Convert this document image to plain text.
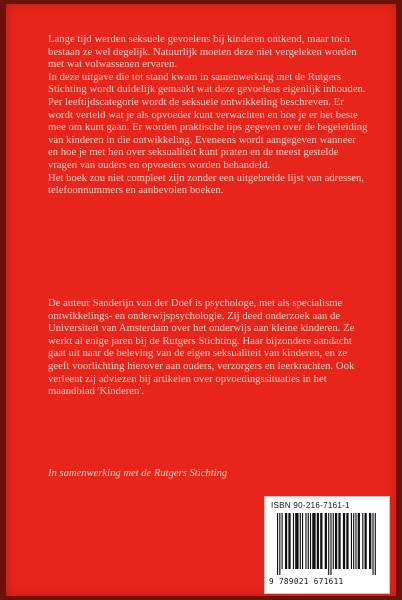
Lange tijd werden seksuele gevoelens bij kinderen ontkend, maar toch bestaan ze wel degelijk. Natuurlijk moeten deze niet vergeleken worden met wat volwassenen ervaren.

In deze uitgave die tot stand kwam in samenwerking met de Rutgers Stichting wordt duidelijk gemaakt wat deze gevoelens eigenlijk inhouden. Per leeftijdscategorie wordt de seksuele ontwikkeling beschreven. Er wordt verteld wat je als opvoeder kunt verwachten en hoe je er het beste mee om kunt gaan. Er worden praktische tips gegeven over de begeleiding van kinderen in die ontwikkeling. Eveneens wordt aangegeven wanneer en hoe je met hen over seksualiteit kunt praten en de meest gestelde vragen van ouders en opvoeders worden behandeld.

Het boek zou niet compleet zijn zonder een uitgebreide lijst van adressen, telefoonnummers en aanbevolen boeken.

De auteur Sanderijn van der Doef is psychologe, met als specialisme ontwikkelings- en onderwijspsychologie. Zij deed onderzoek aan de Universiteit van Amsterdam over het onderwijs aan kleine kinderen. Ze werkt al enige jaren bij de Rutgers Stichting. Haar bijzondere aandacht gaat uit naar de beleving van de eigen seksualiteit van kinderen, en ze geeft voorlichting hierover aan ouders, verzorgers en leerkrachten. Ook verleent zij adviezen bij artikelen over opvoedingssituaties in het maandblad 'Kinderen'.

In samenwerking met de Rutgers Stichting
ISBN 90-216-7161-1
9 789021 671611
